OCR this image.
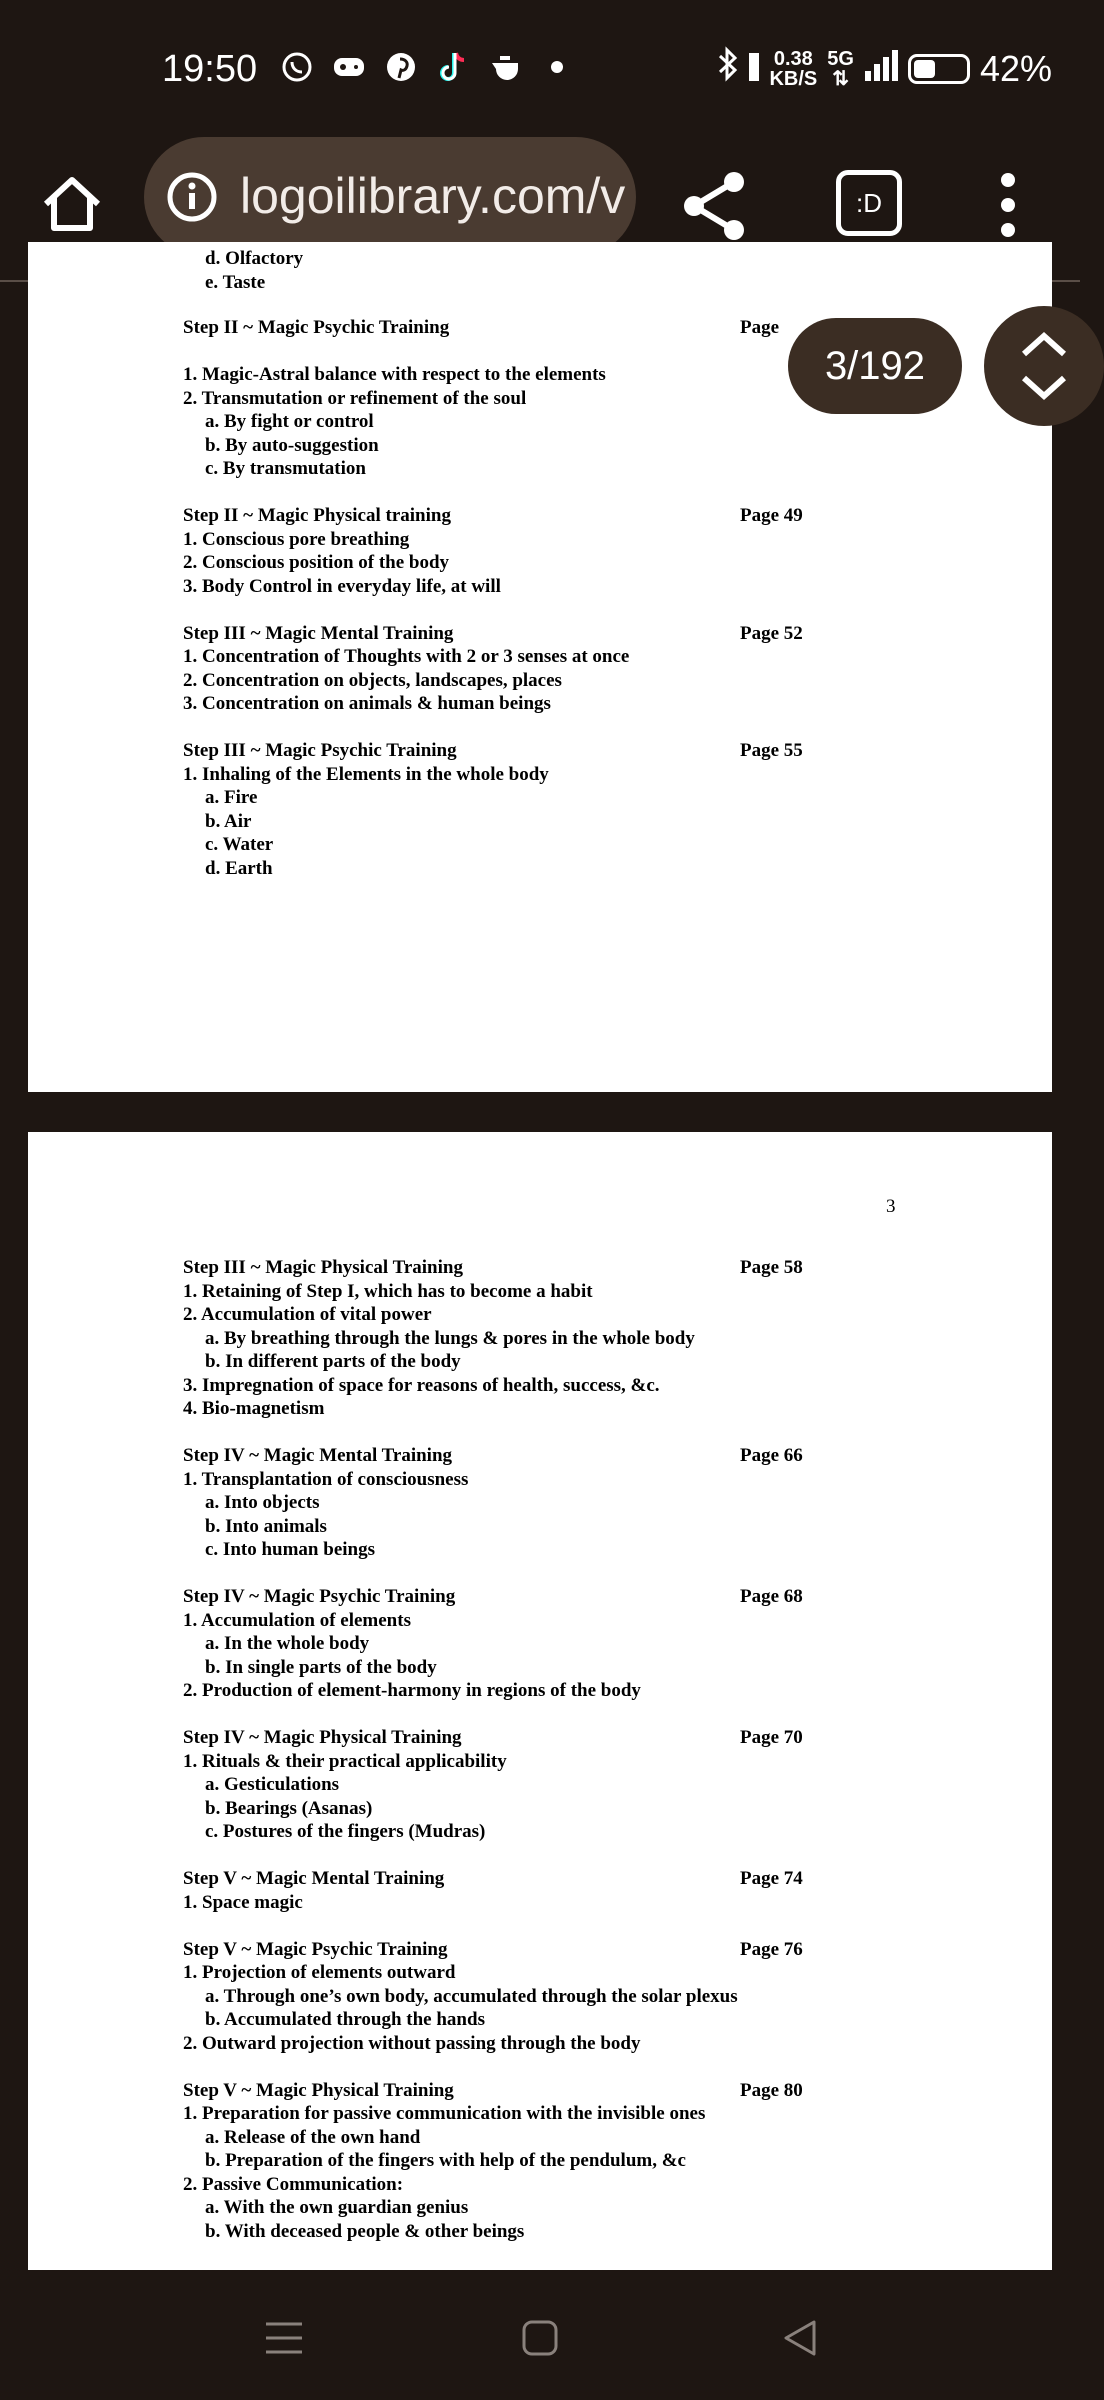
19:50	0.38
KB/S
5G
⇅	42%
:D
logoilibrary.com/v
d. Olfactory
e. Taste
Step II ~ Magic Psychic Training	Page
1. Magic-Astral balance with respect to the elements
2. Transmutation or refinement of the soul
a. By fight or control
b. By auto-suggestion
c. By transmutation
Step II ~ Magic Physical training	Page 49
1. Conscious pore breathing
2. Conscious position of the body
3. Body Control in everyday life, at will
Step III ~ Magic Mental Training	Page 52
1. Concentration of Thoughts with 2 or 3 senses at once
2. Concentration on objects, landscapes, places
3. Concentration on animals & human beings
Step III ~ Magic Psychic Training	Page 55
1. Inhaling of the Elements in the whole body
a. Fire
b. Air
c. Water
d. Earth
3
Step III ~ Magic Physical Training	Page 58
1. Retaining of Step I, which has to become a habit
2. Accumulation of vital power
a. By breathing through the lungs & pores in the whole body
b. In different parts of the body
3. Impregnation of space for reasons of health, success, &c.
4. Bio-magnetism
Step IV ~ Magic Mental Training	Page 66
1. Transplantation of consciousness
a. Into objects
b. Into animals
c. Into human beings
Step IV ~ Magic Psychic Training	Page 68
1. Accumulation of elements
a. In the whole body
b. In single parts of the body
2. Production of element-harmony in regions of the body
Step IV ~ Magic Physical Training	Page 70
1. Rituals & their practical applicability
a. Gesticulations
b. Bearings (Asanas)
c. Postures of the fingers (Mudras)
Step V ~ Magic Mental Training	Page 74
1. Space magic
Step V ~ Magic Psychic Training	Page 76
1. Projection of elements outward
a. Through one’s own body, accumulated through the solar plexus
b. Accumulated through the hands
2. Outward projection without passing through the body
Step V ~ Magic Physical Training	Page 80
1. Preparation for passive communication with the invisible ones
a. Release of the own hand
b. Preparation of the fingers with help of the pendulum, &c
2. Passive Communication:
a. With the own guardian genius
b. With deceased people & other beings
3/192
